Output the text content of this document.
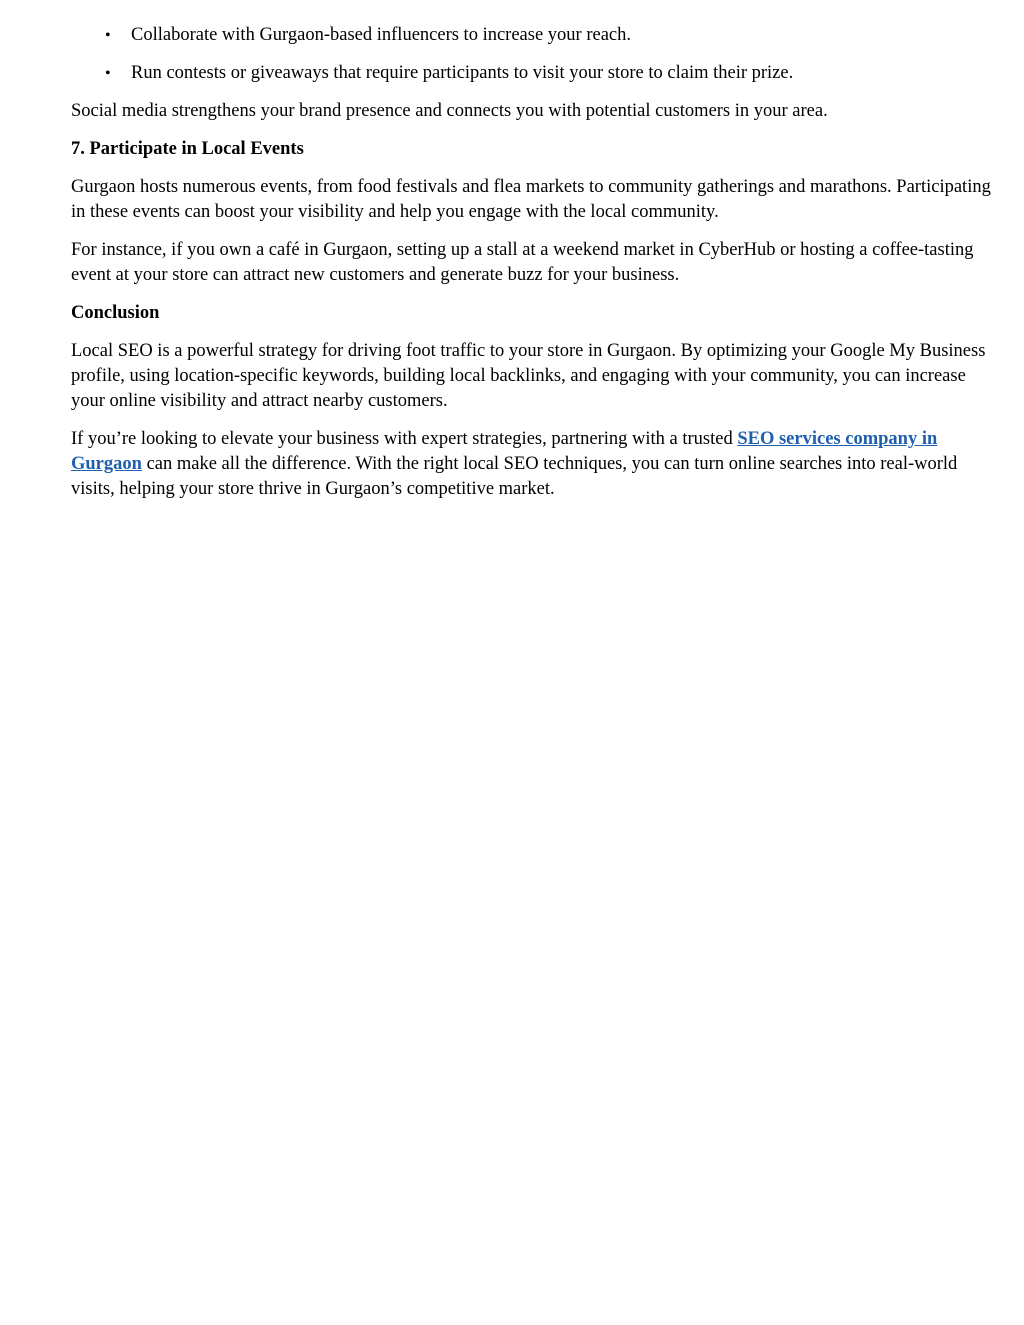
• Collaborate with Gurgaon-based influencers to increase your reach.
• Run contests or giveaways that require participants to visit your store to claim their prize.

Social media strengthens your brand presence and connects you with potential customers in your area.

7. Participate in Local Events

Gurgaon hosts numerous events, from food festivals and flea markets to community gatherings and marathons. Participating in these events can boost your visibility and help you engage with the local community.

For instance, if you own a café in Gurgaon, setting up a stall at a weekend market in CyberHub or hosting a coffee-tasting event at your store can attract new customers and generate buzz for your business.

Conclusion

Local SEO is a powerful strategy for driving foot traffic to your store in Gurgaon. By optimizing your Google My Business profile, using location-specific keywords, building local backlinks, and engaging with your community, you can increase your online visibility and attract nearby customers.

If you’re looking to elevate your business with expert strategies, partnering with a trusted SEO services company in Gurgaon can make all the difference. With the right local SEO techniques, you can turn online searches into real-world visits, helping your store thrive in Gurgaon’s competitive market.
